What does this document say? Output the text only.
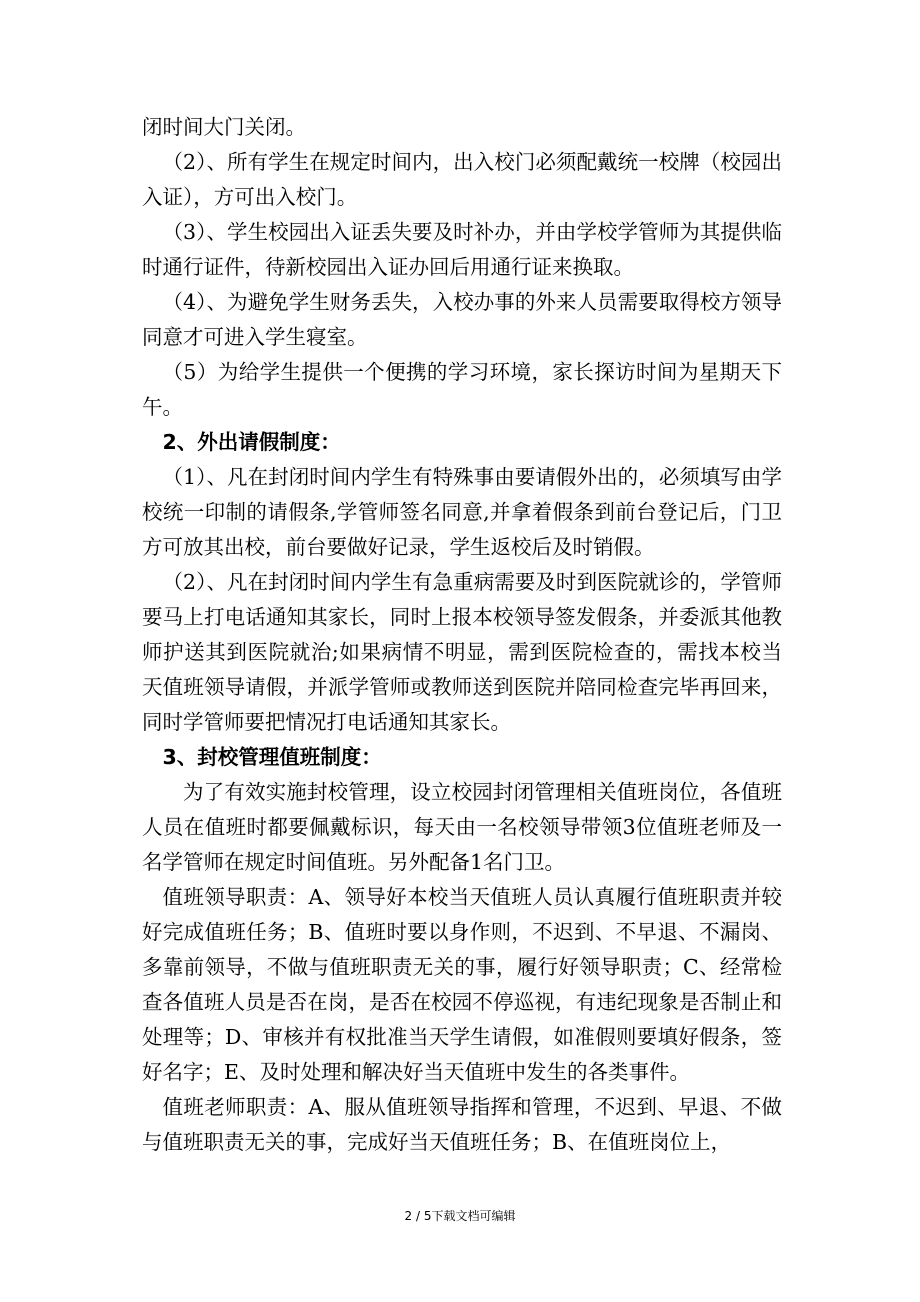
闭时间大门关闭。

（2）、所有学生在规定时间内，出入校门必须配戴统一校牌（校园出入证），方可出入校门。

（3）、学生校园出入证丢失要及时补办，并由学校学管师为其提供临时通行证件，待新校园出入证办回后用通行证来换取。

（4）、为避免学生财务丢失，入校办事的外来人员需要取得校方领导同意才可进入学生寝室。

（5）为给学生提供一个便携的学习环境，家长探访时间为星期天下午。

2、外出请假制度：

（1）、凡在封闭时间内学生有特殊事由要请假外出的，必须填写由学校统一印制的请假条,学管师签名同意,并拿着假条到前台登记后，门卫方可放其出校，前台要做好记录，学生返校后及时销假。

（2）、凡在封闭时间内学生有急重病需要及时到医院就诊的，学管师要马上打电话通知其家长，同时上报本校领导签发假条，并委派其他教师护送其到医院就治;如果病情不明显，需到医院检查的，需找本校当天值班领导请假，并派学管师或教师送到医院并陪同检查完毕再回来，同时学管师要把情况打电话通知其家长。

3、封校管理值班制度：

为了有效实施封校管理，设立校园封闭管理相关值班岗位，各值班人员在值班时都要佩戴标识，每天由一名校领导带领3位值班老师及一名学管师在规定时间值班。另外配备1名门卫。

值班领导职责：A、领导好本校当天值班人员认真履行值班职责并较好完成值班任务；B、值班时要以身作则，不迟到、不早退、不漏岗、多靠前领导，不做与值班职责无关的事，履行好领导职责；C、经常检查各值班人员是否在岗，是否在校园不停巡视，有违纪现象是否制止和处理等；D、审核并有权批准当天学生请假，如准假则要填好假条，签好名字；E、及时处理和解决好当天值班中发生的各类事件。

值班老师职责：A、服从值班领导指挥和管理，不迟到、早退、不做与值班职责无关的事，完成好当天值班任务；B、在值班岗位上，

2 / 5下载文档可编辑
